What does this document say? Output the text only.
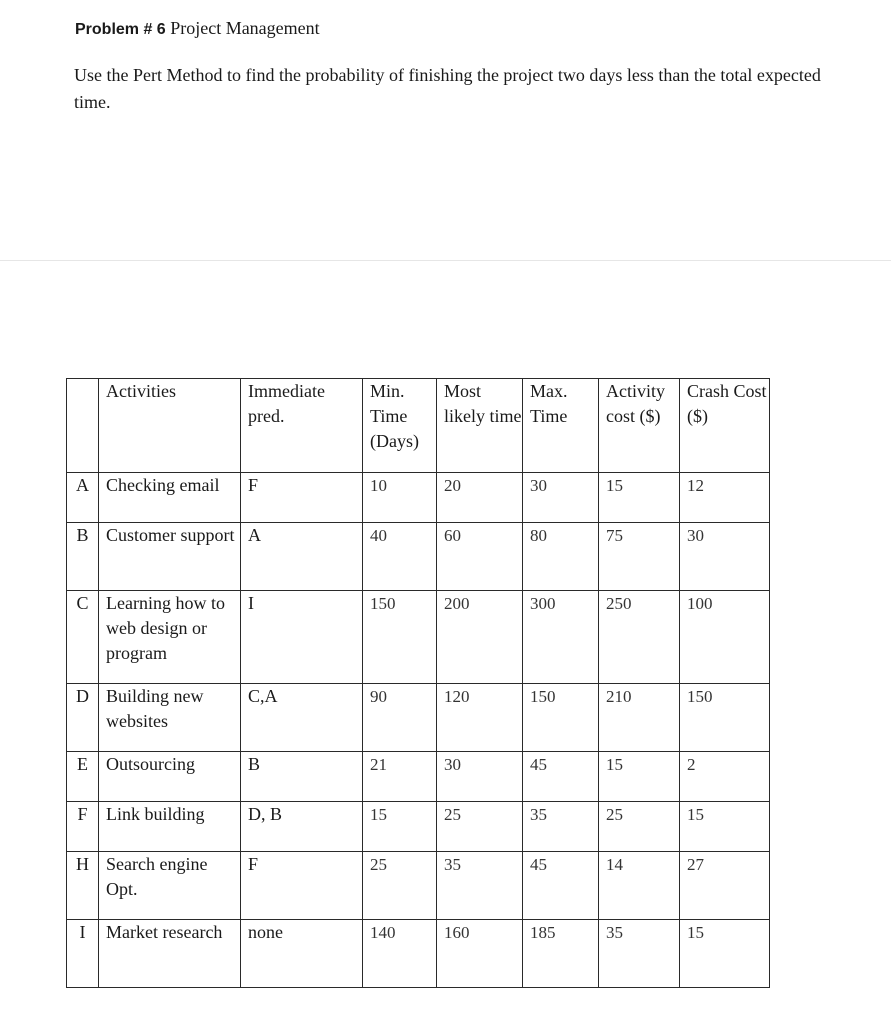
Problem # 6 Project Management
Use the Pert Method to find the probability of finishing the project two days less than the total expected time.
	Activities	Immediate pred.	Min. Time (Days)	Most likely time	Max. Time	Activity cost ($)	Crash Cost ($)
A	Checking email	F	10	20	30	15	12
B	Customer support	A	40	60	80	75	30
C	Learning how to web design or program	I	150	200	300	250	100
D	Building new websites	C,A	90	120	150	210	150
E	Outsourcing	B	21	30	45	15	2
F	Link building	D, B	15	25	35	25	15
H	Search engine Opt.	F	25	35	45	14	27
I	Market research	none	140	160	185	35	15
